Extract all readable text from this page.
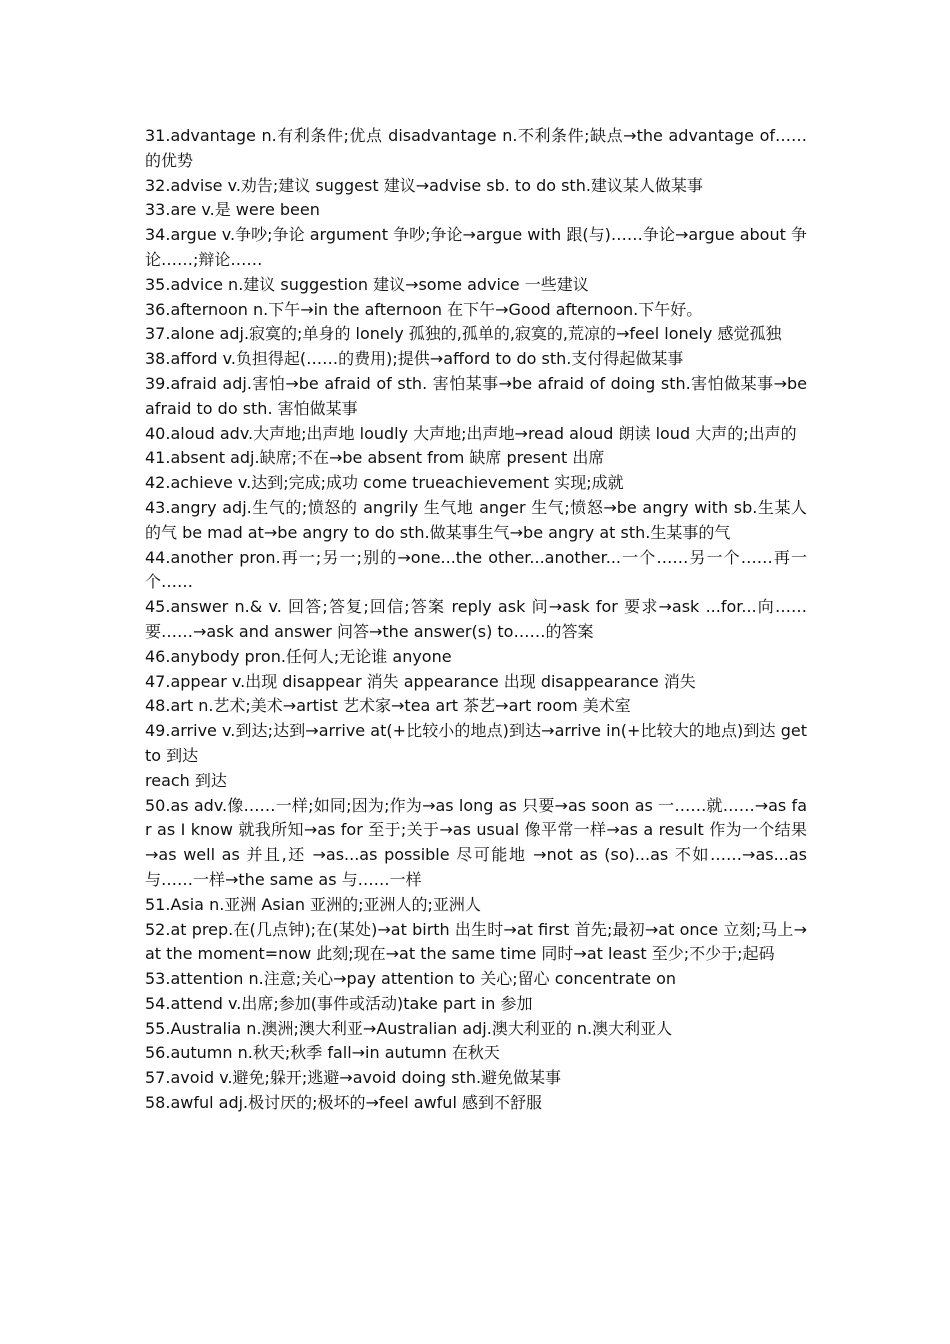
31.advantage n.有利条件;优点 disadvantage n.不利条件;缺点→the advantage of……的优势

32.advise v.劝告;建议 suggest 建议→advise sb. to do sth.建议某人做某事

33.are v.是 were been

34.argue v.争吵;争论 argument 争吵;争论→argue with 跟(与)……争论→argue about 争论……;辩论……

35.advice n.建议 suggestion 建议→some advice 一些建议

36.afternoon n.下午→in the afternoon 在下午→Good afternoon.下午好。

37.alone adj.寂寞的;单身的 lonely 孤独的,孤单的,寂寞的,荒凉的→feel lonely 感觉孤独

38.afford v.负担得起(……的费用);提供→afford to do sth.支付得起做某事

39.afraid adj.害怕→be afraid of sth. 害怕某事→be afraid of doing sth.害怕做某事→be afraid to do sth. 害怕做某事

40.aloud adv.大声地;出声地 loudly 大声地;出声地→read aloud 朗读 loud 大声的;出声的

41.absent adj.缺席;不在→be absent from 缺席 present 出席

42.achieve v.达到;完成;成功 come trueachievement 实现;成就

43.angry adj.生气的;愤怒的 angrily 生气地 anger 生气;愤怒→be angry with sb.生某人的气 be mad at→be angry to do sth.做某事生气→be angry at sth.生某事的气

44.another pron.再一;另一;别的→one...the other...another...一个……另一个……再一个……

45.answer n.& v. 回答;答复;回信;答案 reply ask 问→ask for 要求→ask ...for...向……要……→ask and answer 问答→the answer(s) to……的答案

46.anybody pron.任何人;无论谁 anyone

47.appear v.出现 disappear 消失 appearance 出现 disappearance 消失

48.art n.艺术;美术→artist 艺术家→tea art 茶艺→art room 美术室

49.arrive v.到达;达到→arrive at(+比较小的地点)到达→arrive in(+比较大的地点)到达 get to 到达

reach 到达

50.as adv.像……一样;如同;因为;作为→as long as 只要→as soon as 一……就……→as far as I know 就我所知→as for 至于;关于→as usual 像平常一样→as a result 作为一个结果→as well as 并且,还 →as...as possible 尽可能地 →not as (so)...as 不如……→as...as 与……一样→the same as 与……一样

51.Asia n.亚洲 Asian 亚洲的;亚洲人的;亚洲人

52.at prep.在(几点钟);在(某处)→at birth 出生时→at first 首先;最初→at once 立刻;马上→at the moment=now 此刻;现在→at the same time 同时→at least 至少;不少于;起码

53.attention n.注意;关心→pay attention to 关心;留心 concentrate on

54.attend v.出席;参加(事件或活动)take part in 参加

55.Australia n.澳洲;澳大利亚→Australian adj.澳大利亚的 n.澳大利亚人

56.autumn n.秋天;秋季 fall→in autumn 在秋天

57.avoid v.避免;躲开;逃避→avoid doing sth.避免做某事

58.awful adj.极讨厌的;极坏的→feel awful 感到不舒服
